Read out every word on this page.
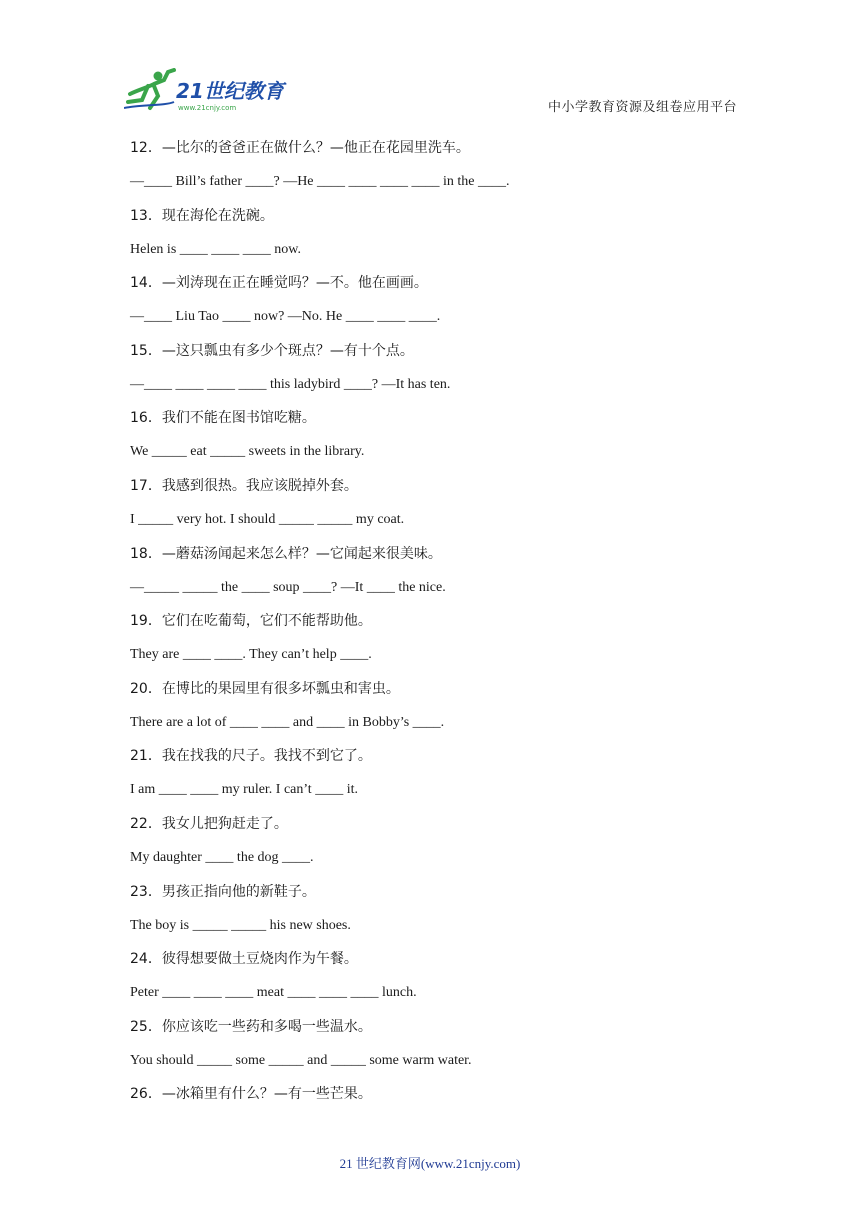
21世纪教育
www.21cnjy.com	中小学教育资源及组卷应用平台
12．—比尔的爸爸正在做什么？—他正在花园里洗车。
—____ Bill’s father ____? —He ____ ____ ____ ____ in the ____.
13．现在海伦在洗碗。
Helen is ____ ____ ____ now.
14．—刘涛现在正在睡觉吗？—不。他在画画。
—____ Liu Tao ____ now? —No. He ____ ____ ____.
15．—这只瓢虫有多少个斑点？—有十个点。
—____ ____ ____ ____ this ladybird ____? —It has ten.
16．我们不能在图书馆吃糖。
We _____ eat _____ sweets in the library.
17．我感到很热。我应该脱掉外套。
I _____ very hot. I should _____ _____ my coat.
18．—蘑菇汤闻起来怎么样？—它闻起来很美味。
—_____ _____ the ____ soup ____? —It ____ the nice.
19．它们在吃葡萄，它们不能帮助他。
They are ____ ____. They can’t help ____.
20．在博比的果园里有很多坏瓢虫和害虫。
There are a lot of ____ ____ and ____ in Bobby’s ____.
21．我在找我的尺子。我找不到它了。
I am ____ ____ my ruler. I can’t ____ it.
22．我女儿把狗赶走了。
My daughter ____ the dog ____.
23．男孩正指向他的新鞋子。
The boy is _____ _____ his new shoes.
24．彼得想要做土豆烧肉作为午餐。
Peter ____ ____ ____ meat ____ ____ ____ lunch.
25．你应该吃一些药和多喝一些温水。
You should _____ some _____ and _____ some warm water.
26．—冰箱里有什么？—有一些芒果。
21 世纪教育网(www.21cnjy.com)
